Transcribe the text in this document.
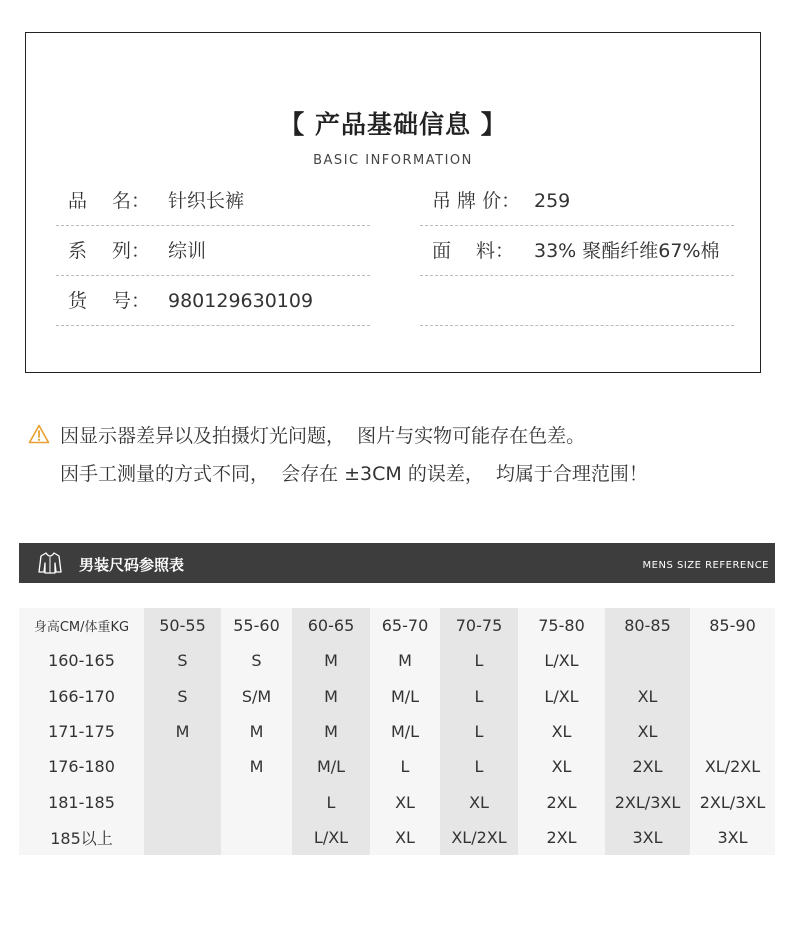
【 产品基础信息 】
BASIC INFORMATION
品　 名： 针织长裤	吊 牌 价： 259
系　 列： 综训	面　 料：	33% 聚酯纤维67%棉
货　 号： 980129630109
因显示器差异以及拍摄灯光问题，  图片与实物可能存在色差。
因手工测量的方式不同，  会存在 ±3CM 的误差，  均属于合理范围！
男装尺码参照表	MENS SIZE REFERENCE
身高CM/体重KG	50-55	55-60	60-65	65-70	70-75	75-80	80-85	85-90
160-165	S	S	M	M	L	L/XL		
166-170	S	S/M	M	M/L	L	L/XL	XL	
171-175	M	M	M	M/L	L	XL	XL	
176-180		M	M/L	L	L	XL	2XL	XL/2XL
181-185			L	XL	XL	2XL	2XL/3XL	2XL/3XL
185以上			L/XL	XL	XL/2XL	2XL	3XL	3XL
